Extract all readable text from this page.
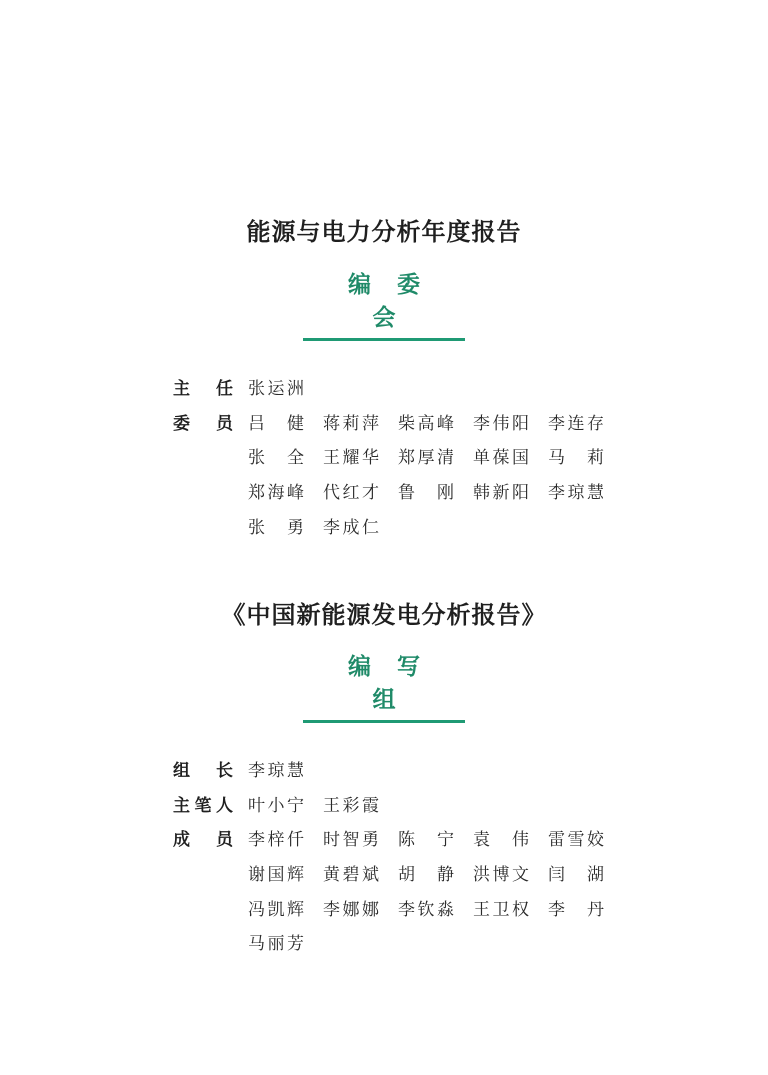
能源与电力分析年度报告
编委会
主 任 张 运 洲
委 员 吕 健 蒋 莉 萍 柴 高 峰 李 伟 阳 李 连 存
张 全 王 耀 华 郑 厚 清 单 葆 国 马 莉
郑 海 峰 代 红 才 鲁 刚 韩 新 阳 李 琼 慧
张 勇 李 成 仁
《中国新能源发电分析报告》
编写组
组 长 李 琼 慧
主 笔 人 叶 小 宁 王 彩 霞
成 员 李 梓 仟 时 智 勇 陈 宁 袁 伟 雷 雪 姣
谢 国 辉 黄 碧 斌 胡 静 洪 博 文 闫 湖
冯 凯 辉 李 娜 娜 李 钦 淼 王 卫 权 李 丹
马 丽 芳
